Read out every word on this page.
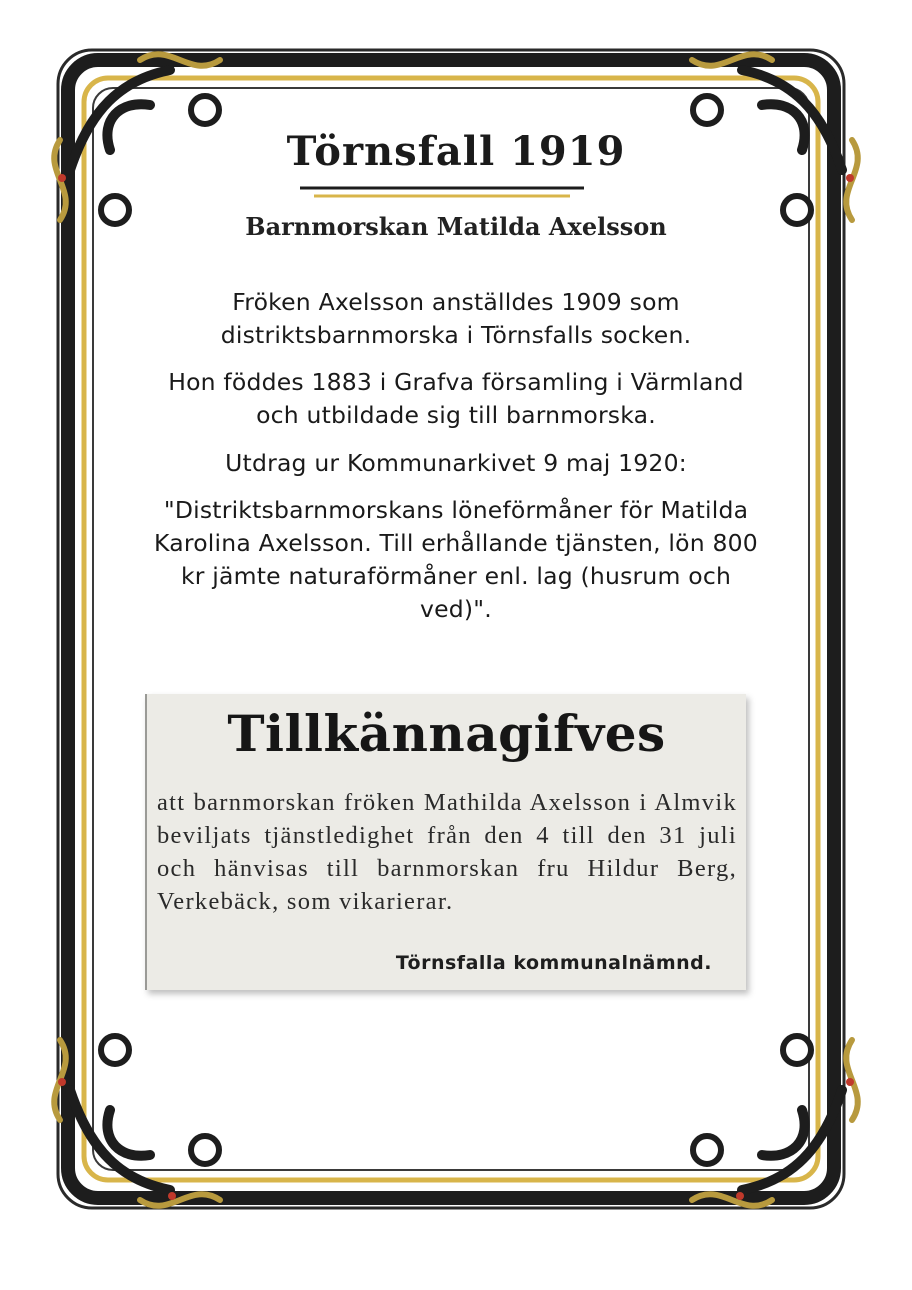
Törnsfall 1919
Barnmorskan Matilda Axelsson
Fröken Axelsson anställdes 1909 som distriktsbarnmorska i Törnsfalls socken.
Hon föddes 1883 i Grafva församling i Värmland och utbildade sig till barnmorska.
Utdrag ur Kommunarkivet 9 maj 1920:
"Distriktsbarnmorskans löneförmåner för Matilda Karolina Axelsson. Till erhållande tjänsten, lön 800 kr jämte naturaförmåner enl. lag (husrum och ved)".
Tillkännagifves
att barnmorskan fröken Mathilda Axelsson i Almvik beviljats tjänstledighet från den 4 till den 31 juli och hänvisas till barnmorskan fru Hildur Berg, Verkebäck, som vikarierar.
Törnsfalla kommunalnämnd.
